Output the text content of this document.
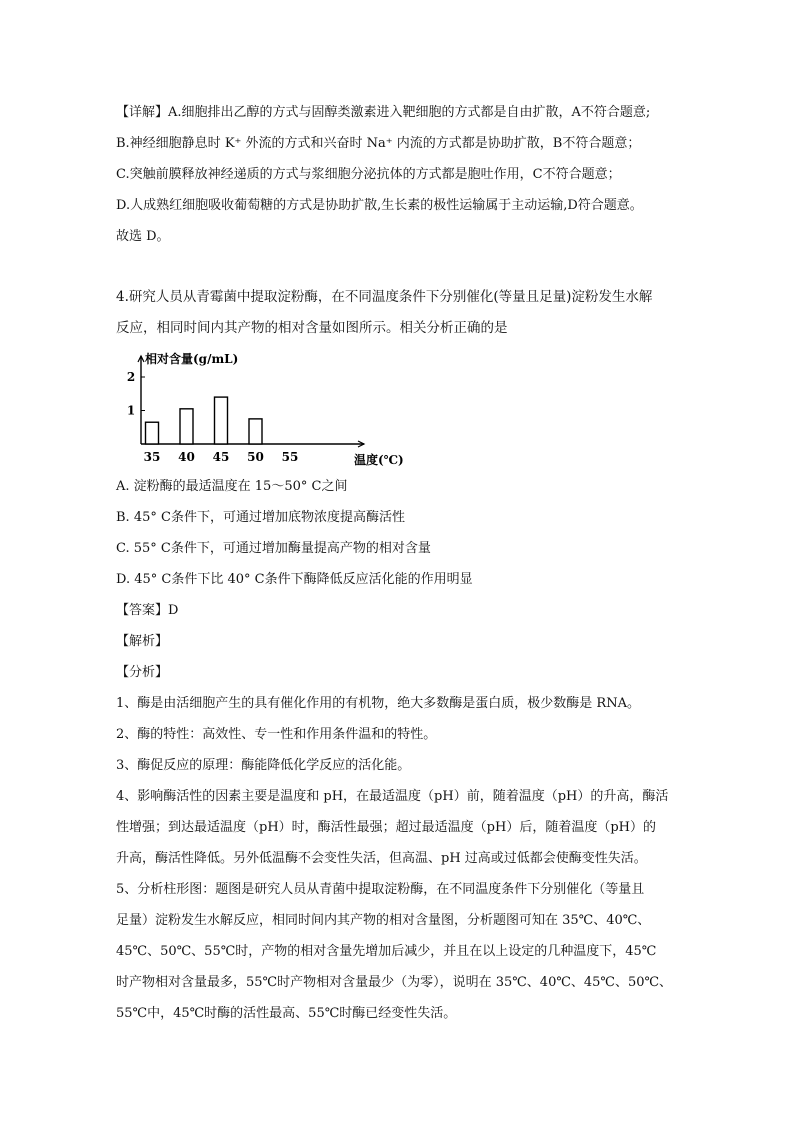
【详解】A.细胞排出乙醇的方式与固醇类激素进入靶细胞的方式都是自由扩散，A不符合题意;
B.神经细胞静息时 K⁺ 外流的方式和兴奋时 Na⁺ 内流的方式都是协助扩散，B不符合题意；
C.突触前膜释放神经递质的方式与浆细胞分泌抗体的方式都是胞吐作用，C不符合题意；
D.人成熟红细胞吸收葡萄糖的方式是协助扩散,生长素的极性运输属于主动运输,D符合题意。
故选 D。
4.研究人员从青霉菌中提取淀粉酶，在不同温度条件下分别催化(等量且足量)淀粉发生水解
反应，相同时间内其产物的相对含量如图所示。相关分析正确的是
1
2
相对含量(g/mL)
35 40 45 50 55	温度(℃)
A. 淀粉酶的最适温度在 15～50° C之间
B. 45° C条件下，可通过增加底物浓度提高酶活性
C. 55° C条件下，可通过增加酶量提高产物的相对含量
D. 45° C条件下比 40° C条件下酶降低反应活化能的作用明显
【答案】D
【解析】
【分析】
1、酶是由活细胞产生的具有催化作用的有机物，绝大多数酶是蛋白质，极少数酶是 RNA。
2、酶的特性：高效性、专一性和作用条件温和的特性。
3、酶促反应的原理：酶能降低化学反应的活化能。
4、影响酶活性的因素主要是温度和 pH，在最适温度（pH）前，随着温度（pH）的升高，酶活
性增强；到达最适温度（pH）时，酶活性最强；超过最适温度（pH）后，随着温度（pH）的
升高，酶活性降低。另外低温酶不会变性失活，但高温、pH 过高或过低都会使酶变性失活。
5、分析柱形图：题图是研究人员从青菌中提取淀粉酶，在不同温度条件下分别催化（等量且
足量）淀粉发生水解反应，相同时间内其产物的相对含量图，分析题图可知在 35℃、40℃、
45℃、50℃、55℃时，产物的相对含量先增加后减少，并且在以上设定的几种温度下，45℃
时产物相对含量最多，55℃时产物相对含量最少（为零），说明在 35℃、40℃、45℃、50℃、
55℃中，45℃时酶的活性最高、55℃时酶已经变性失活。
